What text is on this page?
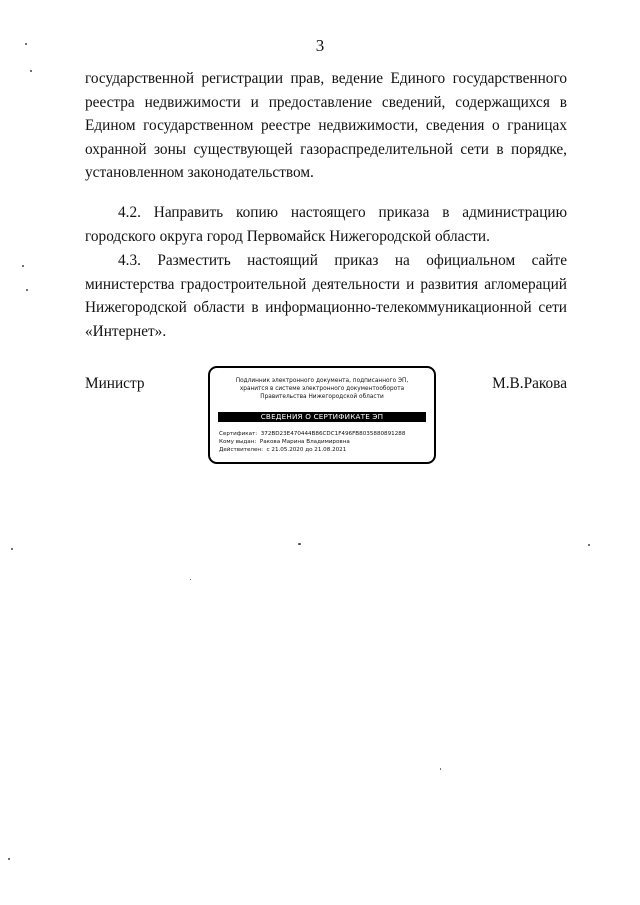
3

государственной регистрации прав, ведение Единого государственного реестра недвижимости и предоставление сведений, содержащихся в Едином государственном реестре недвижимости, сведения о границах охранной зоны существующей газораспределительной сети в порядке, установленном законодательством.

4.2. Направить копию настоящего приказа в администрацию городского округа город Первомайск Нижегородской области.

4.3. Разместить настоящий приказ на официальном сайте министерства градостроительной деятельности и развития агломераций Нижегородской области в информационно-телекоммуникационной сети «Интернет».

Министр	Подлинник электронного документа, подписанного ЭП,
хранится в системе электронного документооборота
Правительства Нижегородской области
СВЕДЕНИЯ О СЕРТИФИКАТЕ ЭП
Сертификат: 372BD23E470444B86CDC1F496FB8035880891288
Кому выдан: Ракова Марина Владимировна
Действителен: с 21.05.2020 до 21.08.2021
М.В.Ракова
